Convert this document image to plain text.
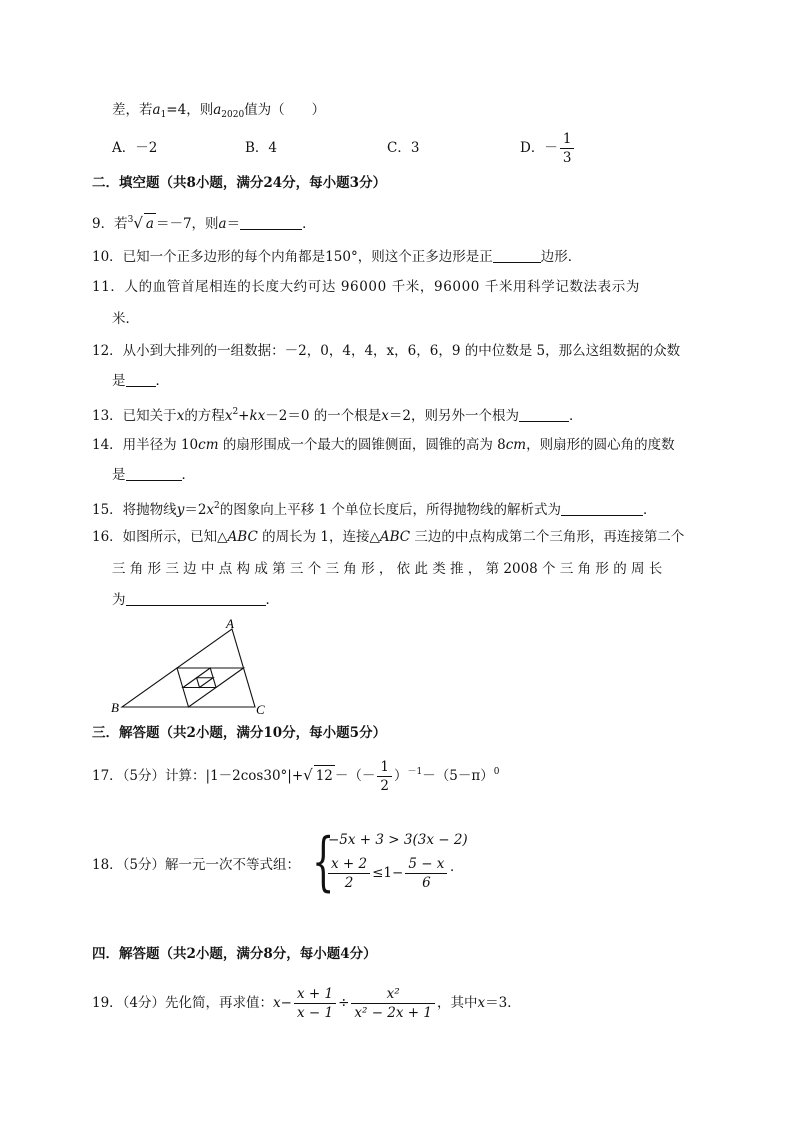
差，若$a_1=4$，则$a_{2020}$值为（　　）
A．－2	B．4	C．3	D．－ $\frac{1}{3}$
二．填空题（共8小题，满分24分，每小题3分）
9．若$^3$√ a ＝－7，则a＝	．
10．已知一个正多边形的每个内角都是150°，则这个正多边形是正	边形．
11．人的血管首尾相连的长度大约可达 96000 千米，96000 千米用科学记数法表示为
米．
12．从小到大排列的一组数据：－2，0，4，4，x，6，6，9 的中位数是 5，那么这组数据的众数
是 ．
13．已知关于x的方程$x^2+kx-2=0$ 的一个根是x＝2，则另外一个根为	．
14．用半径为 10cm 的扇形围成一个最大的圆锥侧面，圆锥的高为 8cm，则扇形的圆心角的度数
是	．
15．将抛物线$y=2x^2$的图象向上平移 1 个单位长度后，所得抛物线的解析式为	．
16．如图所示，已知△ABC 的周长为 1，连接△ABC 三边的中点构成第二个三角形，再连接第二个
三 角 形 三 边 中 点 构 成 第 三 个 三 角 形 ， 依 此 类 推 ， 第 2008 个 三 角 形 的 周 长
为	．
A
B	C
三．解答题（共2小题，满分10分，每小题5分）
17．（5分）计算：|1－2cos30°|+√ 12 －（－ $\frac{1}{2} )^{-1}-(5-\pi)^0$
18．（5分）解一元一次不等式组： {
−5x + 3 > 3(3x − 2)
$\frac{x + 2}{2} \le 1- \frac{5 - x}{6}$ ．
四．解答题（共2小题，满分8分，每小题4分）
19．（4分）先化简，再求值：$x- \frac{x + 1}{x - 1} \div \frac{\text{x²}}{\text{x² − 2x + 1}}$ ，其中x＝3．
